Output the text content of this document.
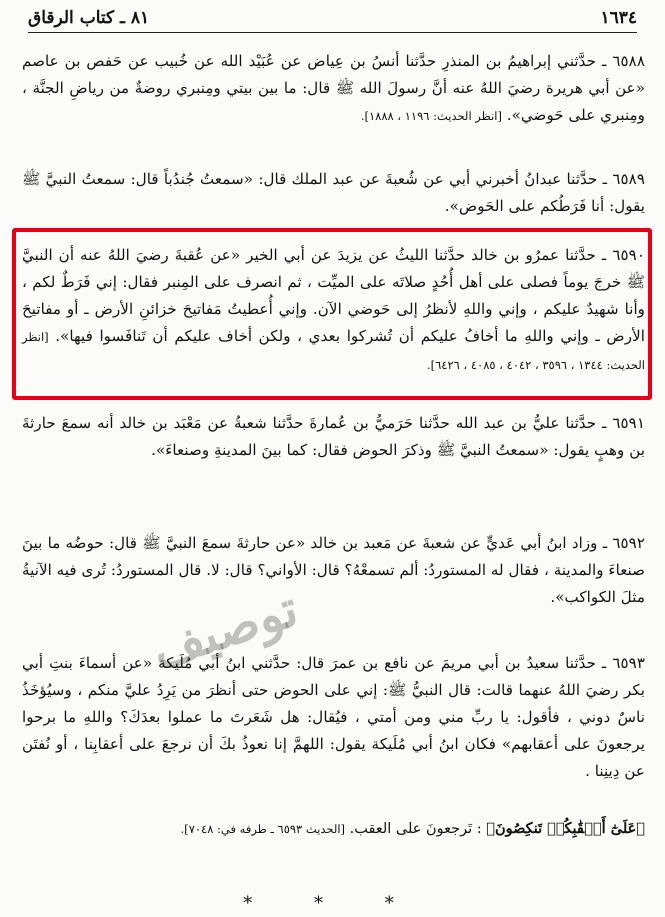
١٦٣٤
٨١ ـ كتاب الرقاق

٦٥٨٨ ـ حدَّثني إبراهيمُ بن المنذرِ حدَّثنا أنسُ بن عِياض عن عُبَيْد الله عن خُبيب عن حَفص بن عاصم «عن أبي هريرة رضيَ اللهُ عنه أنَّ رسولَ الله ﷺ قال: ما بين بيتي ومِنبري روضةٌ من رياضِ الجنَّة ، ومِنبري على حَوضي». [انظر الحديث: ١١٩٦ ، ١٨٨٨].

٦٥٨٩ ـ حدَّثنا عبدانُ أخبرني أبي عن شُعبةَ عن عبد الملك قال: «سمعتُ جُندُباً قال: سمعتُ النبيَّ ﷺ يقول: أنا فَرَطُكم على الحَوض».

٦٥٩٠ ـ حدَّثنا عمرُو بن خالد حدَّثنا الليثُ عن يزيدَ عن أبي الخير «عن عُقبةَ رضيَ اللهُ عنه أن النبيَّ ﷺ خرجَ يوماً فصلى على أهل أُحُدٍ صلاتَه على الميِّت ، ثم انصرف على المِنبر فقال: إني فَرَطٌ لكم ، وأنا شهيدٌ عليكم ، وإني واللهِ لأنظرُ إلى حَوضي الآن. وإني أُعطيتُ مَفاتيحَ خزائنِ الأرض ـ أو مفاتيحَ الأرض ـ وإني واللهِ ما أخافُ عليكم أن تُشركوا بعدي ، ولكن أخاف عليكم أن تَنافَسوا فيها». [انظر الحديث: ١٣٤٤ ، ٣٥٩٦ ، ٤٠٤٢ ، ٤٠٨٥ ، ٦٤٢٦].

٦٥٩١ ـ حدَّثنا عليُّ بن عبد الله حدَّثنا حَرَميُّ بن عُمارةَ حدَّثنا شعبةُ عن مَعْبَد بن خالد أنه سمعَ حارثةَ بن وهبٍ يقول: «سمعتُ النبيَّ ﷺ وذكرَ الحوض فقال: كما بينَ المدينةِ وصنعاءَ».

٦٥٩٢ ـ وزاد ابنُ أبي عَديٍّ عن شعبةَ عن مَعبد بن خالد «عن حارثةَ سمعَ النبيَّ ﷺ قال: حوضُه ما بينَ صنعاءَ والمدينة ، فقال له المستوردُ: ألم تسمعْهُ؟ قال: الأواني؟ قال: لا. قال المستوردُ: تُرى فيه الآنيةُ مثلَ الكواكب».

توصيف

٦٥٩٣ ـ حدَّثنا سعيدُ بن أبي مريمَ عن نافع بن عمرَ قال: حدَّثني ابنُ أبي مُلَيكة «عن أسماءَ بنتِ أبي بكر رضيَ اللهُ عنهما قالت: قال النبيُّ ﷺ: إني على الحوض حتى أنظرَ من يَرِدُ عليَّ منكم ، وسيُؤخَذُ ناسٌ دوني ، فأقول: يا ربِّ مني ومن أمتي ، فيُقال: هل شَعَرتَ ما عملوا بعدَكَ؟ واللهِ ما برحوا يرجعونَ على أعقابهم» فكان ابنُ أبي مُلَيكة يقول: اللهمَّ إنا نعوذُ بكَ أن نرجعَ على أعقابِنا ، أو نُفتَن عن دِينِنا .

﴿عَلَىٰٓ أَعۡقَٰبِكُمۡ تَنكِصُونَ﴾ : تَرجعونَ على العقب. [الحديث ٦٥٩٣ ـ طرفه في: ٧٠٤٨].
* * *
